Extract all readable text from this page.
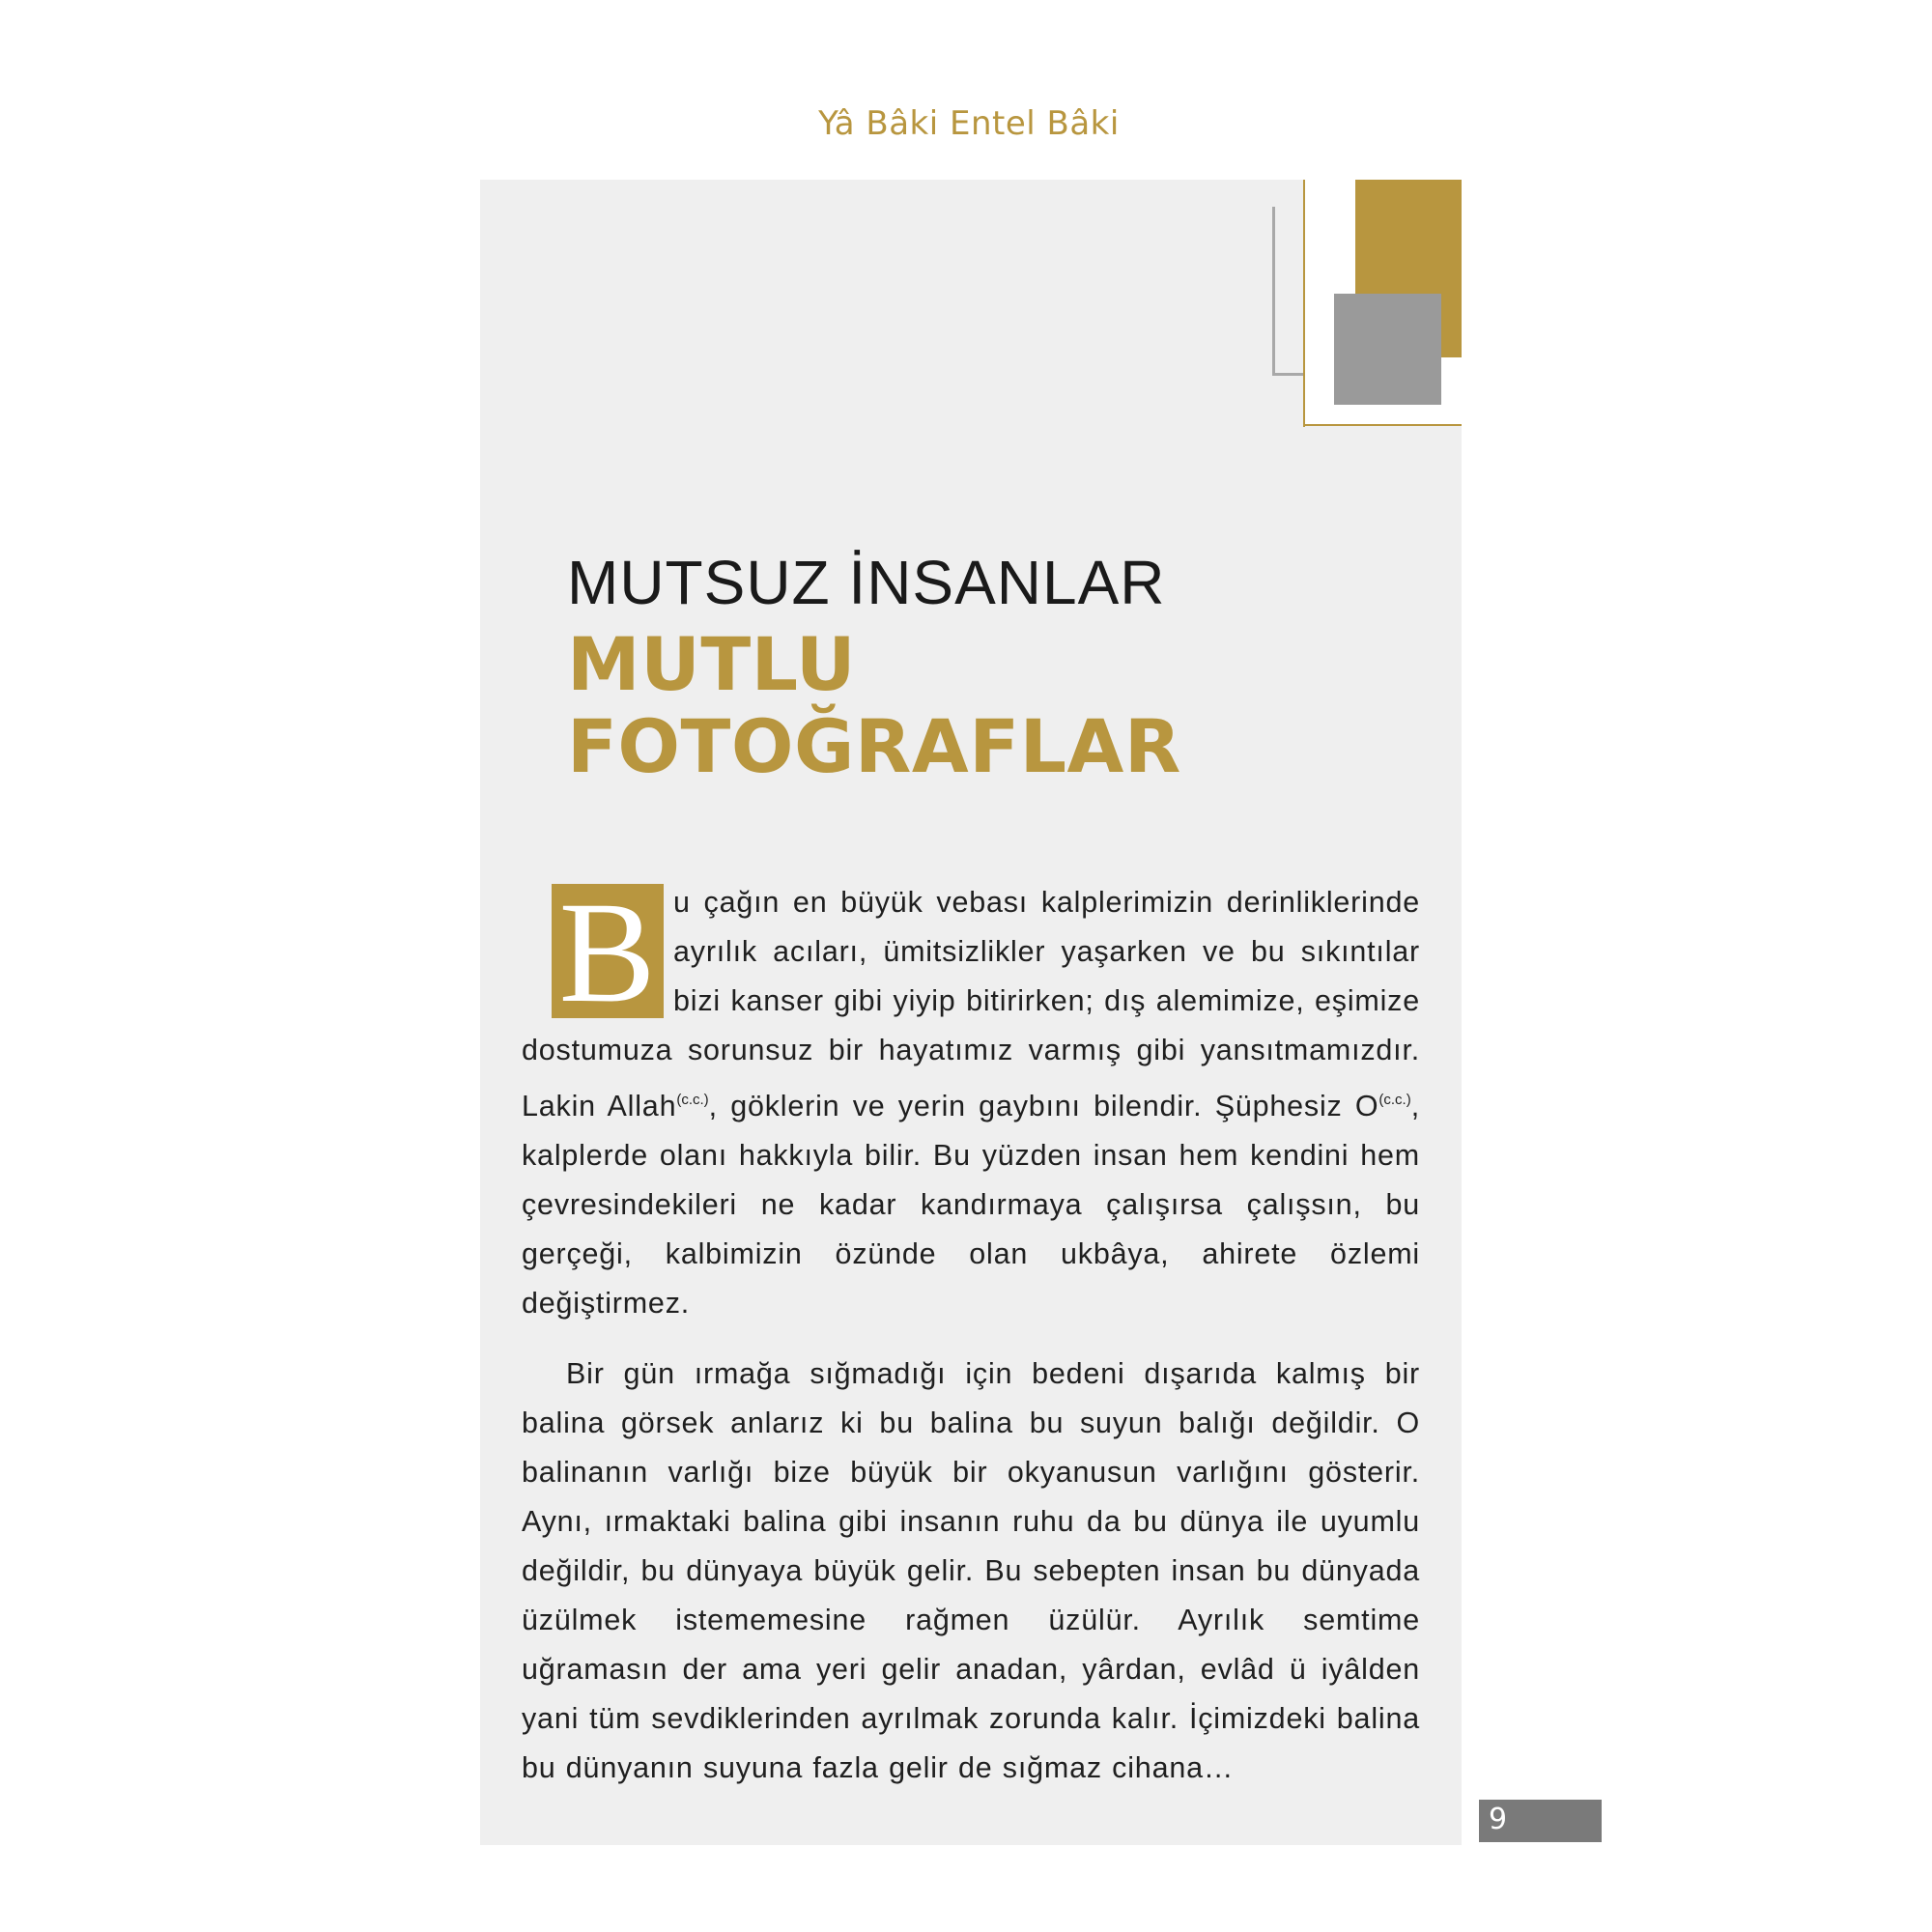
Yâ Bâki Entel Bâki
MUTSUZ İNSANLAR
MUTLU
FOTOĞRAFLAR
B u çağın en büyük vebası kalplerimizin derinliklerinde ayrılık acıları, ümitsizlikler yaşarken ve bu sıkıntılar bizi kanser gibi yiyip bitirirken; dış alemimize, eşimize dostumuza sorunsuz bir hayatımız varmış gibi yansıtmamızdır. Lakin Allah$^{(c.c.)}$, göklerin ve yerin gaybını bilendir. Şüphesiz $O^{(c.c.)}$, kalplerde olanı hakkıyla bilir. Bu yüzden insan hem kendini hem çevresindekileri ne kadar kandırmaya çalışırsa çalışsın, bu gerçeği, kalbimizin özünde olan ukbâya, ahirete özlemi değiştirmez.
Bir gün ırmağa sığmadığı için bedeni dışarıda kalmış bir balina görsek anlarız ki bu balina bu suyun balığı değildir. O balinanın varlığı bize büyük bir okyanusun varlığını gösterir. Aynı, ırmaktaki balina gibi insanın ruhu da bu dünya ile uyumlu değildir, bu dünyaya büyük gelir. Bu sebepten insan bu dünyada üzülmek istememesine rağmen üzülür. Ayrılık semtime uğramasın der ama yeri gelir anadan, yârdan, evlâd ü iyâlden yani tüm sevdiklerinden ayrılmak zorunda kalır. İçimizdeki balina bu dünyanın suyuna fazla gelir de sığmaz cihana…
9
